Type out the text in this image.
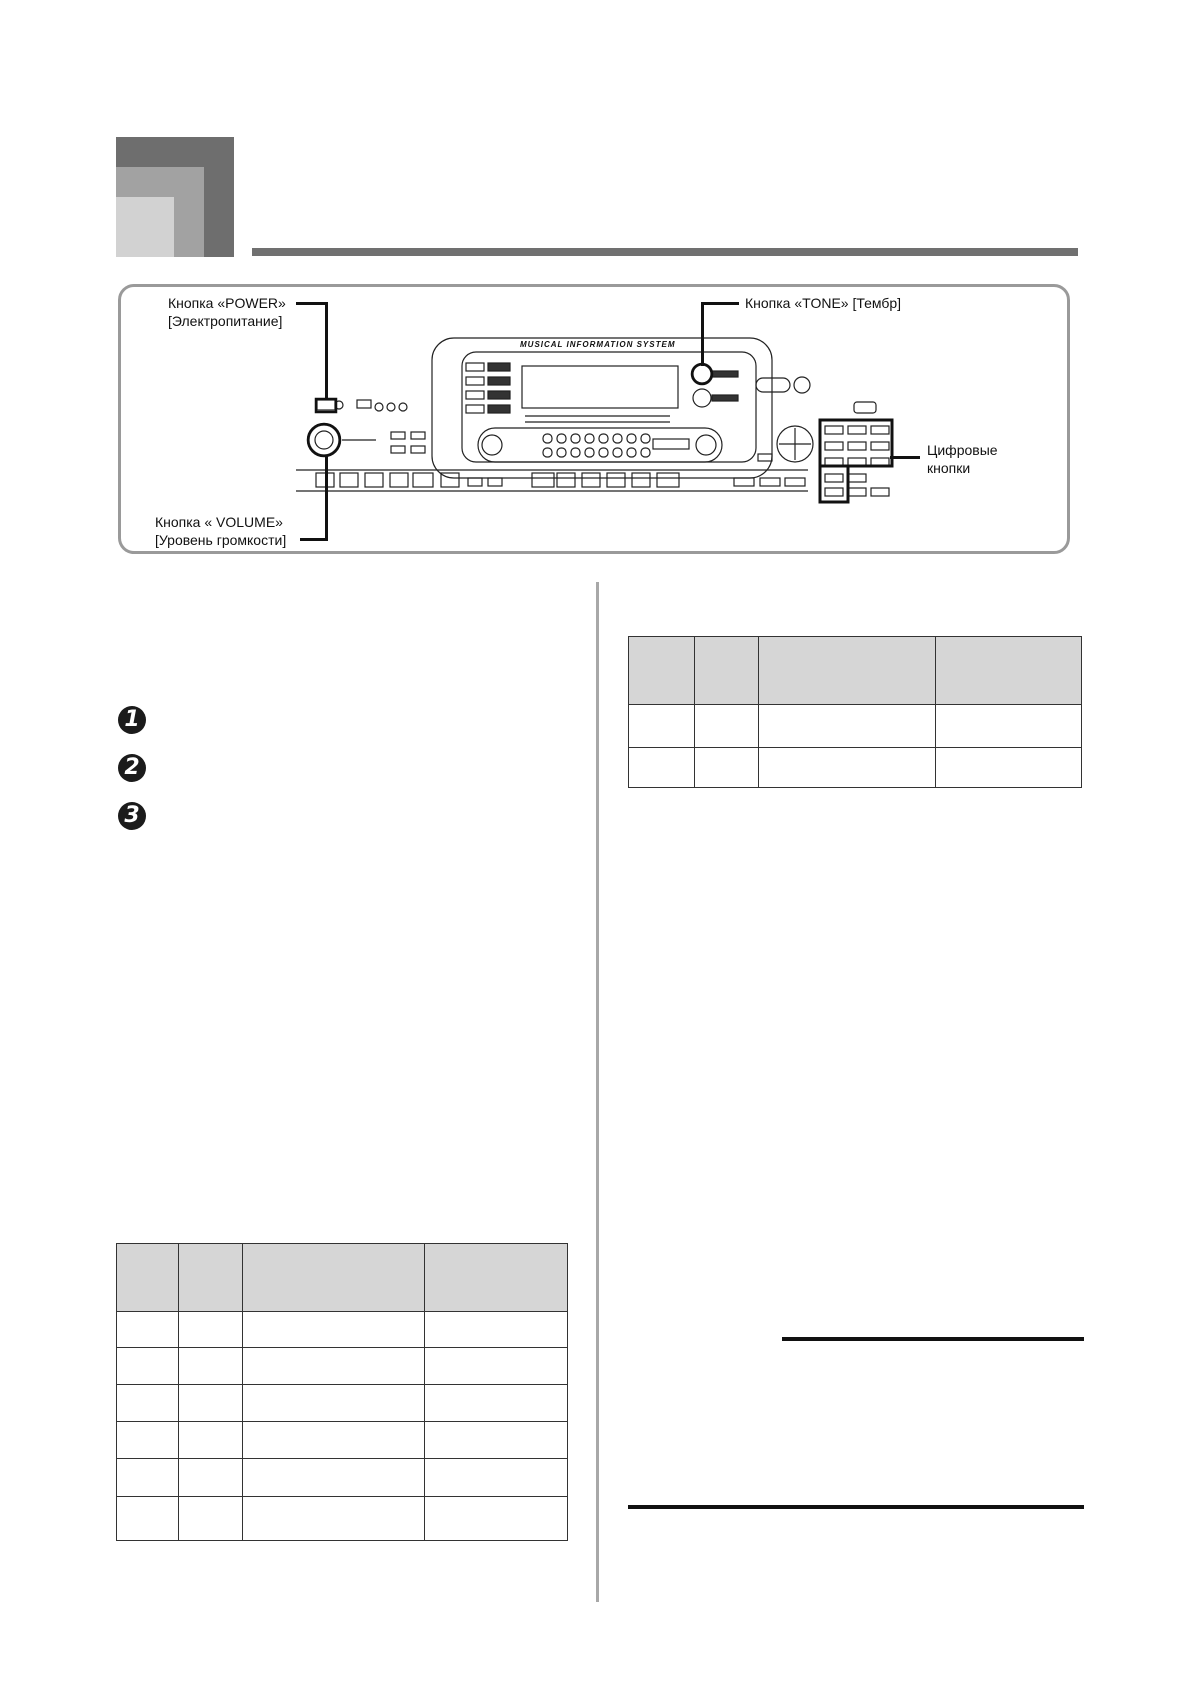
MUSICAL INFORMATION SYSTEM
Кнопка «POWER»
[Электропитание]
Кнопка «TONE» [Тембр]
Кнопка « VOLUME»
[Уровень громкости]
Цифровые
кнопки
1
2
3
